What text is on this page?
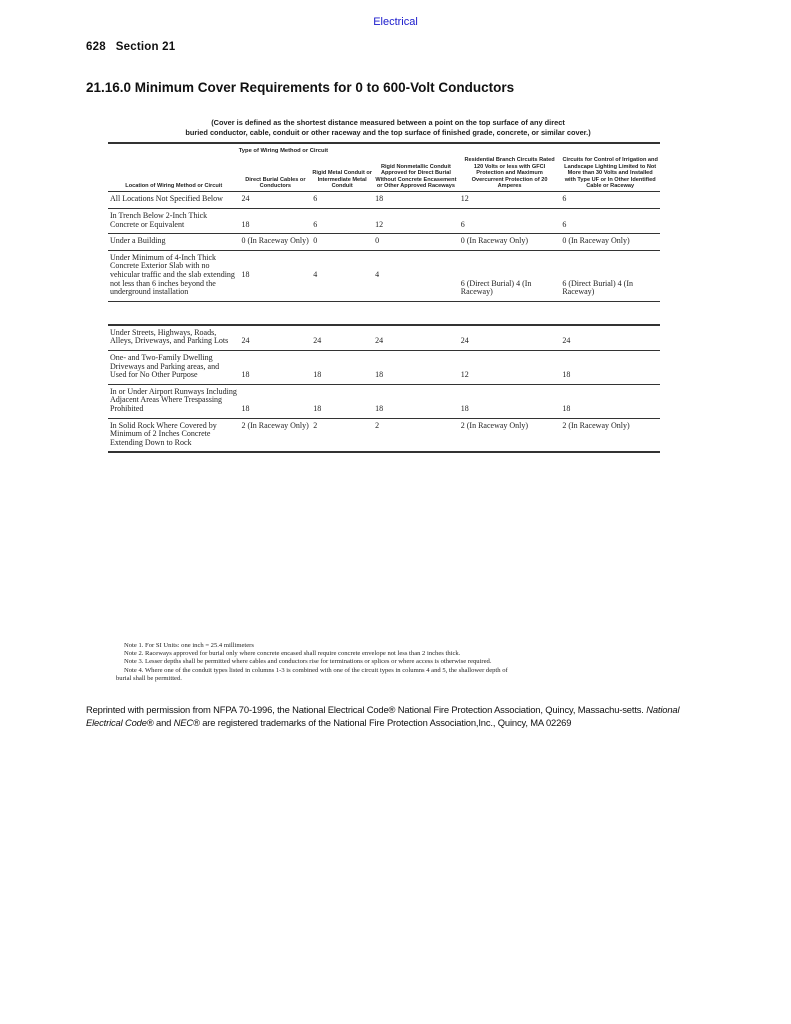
Electrical
628 Section 21
21.16.0 Minimum Cover Requirements for 0 to 600-Volt Conductors
(Cover is defined as the shortest distance measured between a point on the top surface of any direct
buried conductor, cable, conduit or other raceway and the top surface of finished grade, concrete, or similar cover.)
Type of Wiring Method or Circuit					
Location of Wiring Method or Circuit	Direct Burial Cables or Conductors	Rigid Metal Conduit or Intermediate Metal Conduit	Rigid Nonmetallic Conduit Approved for Direct Burial Without Concrete Encasement or Other Approved Raceways	Residential Branch Circuits Rated 120 Volts or less with GFCI Protection and Maximum Overcurrent Protection of 20 Amperes	Circuits for Control of Irrigation and Landscape Lighting Limited to Not More than 30 Volts and Installed with Type UF or In Other Identified Cable or Raceway
All Locations Not Specified Below	24	6	18	12	6
In Trench Below 2-Inch Thick Concrete or Equivalent	18	6	12	6	6
Under a Building	0 (In Raceway Only)	0	0	0 (In Raceway Only)	0 (In Raceway Only)
Under Minimum of 4-Inch Thick Concrete Exterior Slab with no vehicular traffic and the slab extending not less than 6 inches beyond the underground installation	18	4	4	6 (Direct Burial) 4 (In Raceway)	6 (Direct Burial) 4 (In Raceway)

Under Streets, Highways, Roads, Alleys, Driveways, and Parking Lots	24	24	24	24	24
One- and Two-Family Dwelling Driveways and Parking areas, and Used for No Other Purpose	18	18	18	12	18
In or Under Airport Runways Including Adjacent Areas Where Trespassing Prohibited	18	18	18	18	18
In Solid Rock Where Covered by Minimum of 2 Inches Concrete Extending Down to Rock	2 (In Raceway Only)	2	2	2 (In Raceway Only)	2 (In Raceway Only)
Note 1. For SI Units: one inch = 25.4 millimeters
Note 2. Raceways approved for burial only where concrete encased shall require concrete envelope not less than 2 inches thick.
Note 3. Lesser depths shall be permitted where cables and conductors rise for terminations or splices or where access is otherwise required.
Note 4. Where one of the conduit types listed in columns 1-3 is combined with one of the circuit types in columns 4 and 5, the shallower depth of
burial shall be permitted.
Reprinted with permission from NFPA 70-1996, the National Electrical Code® National Fire Protection Association, Quincy, Massachu-setts. National Electrical Code® and NEC® are registered trademarks of the National Fire Protection Association,Inc., Quincy, MA 02269
